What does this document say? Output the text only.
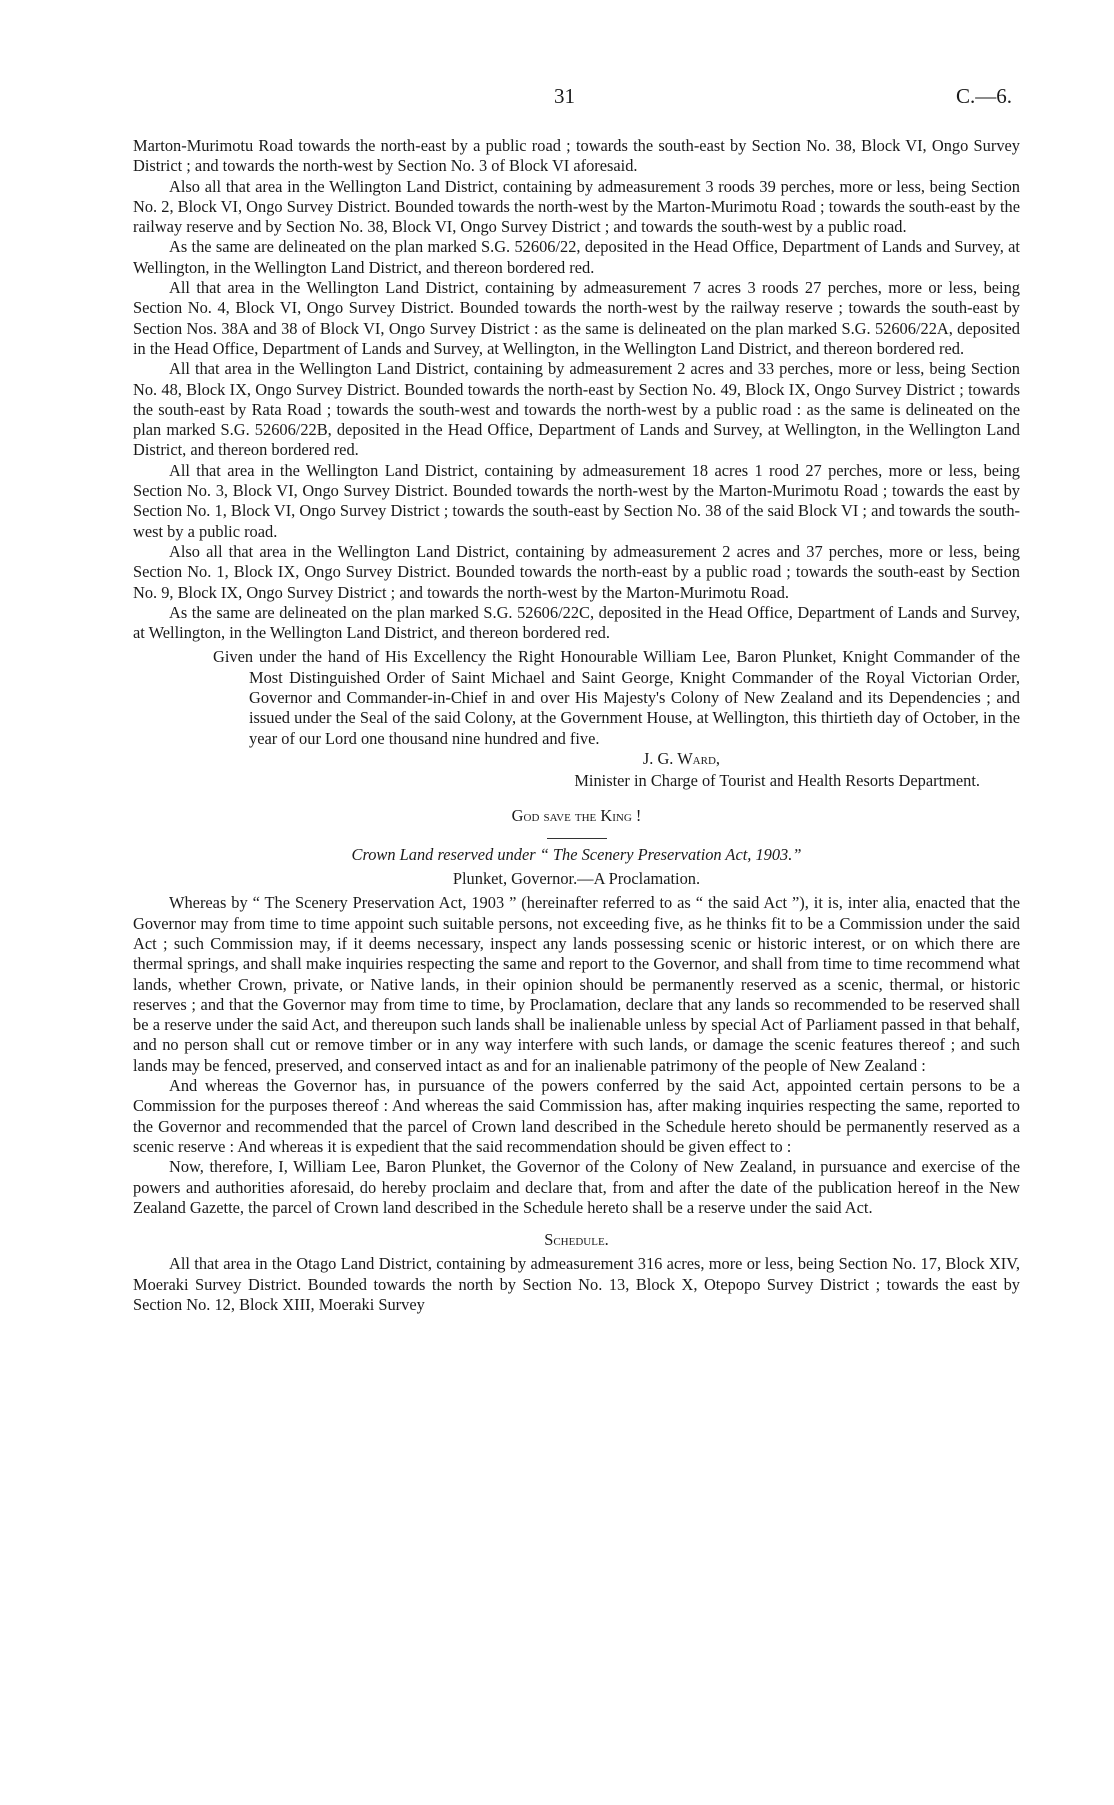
31	C.—6.

Marton-Murimotu Road towards the north-east by a public road ; towards the south-east by Section No. 38, Block VI, Ongo Survey District ; and towards the north-west by Section No. 3 of Block VI aforesaid.

Also all that area in the Wellington Land District, containing by admeasurement 3 roods 39 perches, more or less, being Section No. 2, Block VI, Ongo Survey District. Bounded towards the north-west by the Marton-Murimotu Road ; towards the south-east by the railway reserve and by Section No. 38, Block VI, Ongo Survey District ; and towards the south-west by a public road.

As the same are delineated on the plan marked S.G. 52606/22, deposited in the Head Office, Department of Lands and Survey, at Wellington, in the Wellington Land District, and thereon bordered red.

All that area in the Wellington Land District, containing by admeasurement 7 acres 3 roods 27 perches, more or less, being Section No. 4, Block VI, Ongo Survey District. Bounded towards the north-west by the railway reserve ; towards the south-east by Section Nos. 38A and 38 of Block VI, Ongo Survey District : as the same is delineated on the plan marked S.G. 52606/22A, deposited in the Head Office, Department of Lands and Survey, at Wellington, in the Wellington Land District, and thereon bordered red.

All that area in the Wellington Land District, containing by admeasurement 2 acres and 33 perches, more or less, being Section No. 48, Block IX, Ongo Survey District. Bounded towards the north-east by Section No. 49, Block IX, Ongo Survey District ; towards the south-east by Rata Road ; towards the south-west and towards the north-west by a public road : as the same is delineated on the plan marked S.G. 52606/22B, deposited in the Head Office, Department of Lands and Survey, at Wellington, in the Wellington Land District, and thereon bordered red.

All that area in the Wellington Land District, containing by admeasurement 18 acres 1 rood 27 perches, more or less, being Section No. 3, Block VI, Ongo Survey District. Bounded towards the north-west by the Marton-Murimotu Road ; towards the east by Section No. 1, Block VI, Ongo Survey District ; towards the south-east by Section No. 38 of the said Block VI ; and towards the south-west by a public road.

Also all that area in the Wellington Land District, containing by admeasurement 2 acres and 37 perches, more or less, being Section No. 1, Block IX, Ongo Survey District. Bounded towards the north-east by a public road ; towards the south-east by Section No. 9, Block IX, Ongo Survey District ; and towards the north-west by the Marton-Murimotu Road.

As the same are delineated on the plan marked S.G. 52606/22C, deposited in the Head Office, Department of Lands and Survey, at Wellington, in the Wellington Land District, and thereon bordered red.

Given under the hand of His Excellency the Right Honourable William Lee, Baron Plunket, Knight Commander of the Most Distinguished Order of Saint Michael and Saint George, Knight Commander of the Royal Victorian Order, Governor and Commander-in-Chief in and over His Majesty's Colony of New Zealand and its Dependencies ; and issued under the Seal of the said Colony, at the Government House, at Wellington, this thirtieth day of October, in the year of our Lord one thousand nine hundred and five.

J. G. Ward,

Minister in Charge of Tourist and Health Resorts Department.

God save the King !

Crown Land reserved under “ The Scenery Preservation Act, 1903.”

Plunket, Governor.—A Proclamation.

Whereas by “ The Scenery Preservation Act, 1903 ” (hereinafter referred to as “ the said Act ”), it is, inter alia, enacted that the Governor may from time to time appoint such suitable persons, not exceeding five, as he thinks fit to be a Commission under the said Act ; such Commission may, if it deems necessary, inspect any lands possessing scenic or historic interest, or on which there are thermal springs, and shall make inquiries respecting the same and report to the Governor, and shall from time to time recommend what lands, whether Crown, private, or Native lands, in their opinion should be permanently reserved as a scenic, thermal, or historic reserves ; and that the Governor may from time to time, by Proclamation, declare that any lands so recommended to be reserved shall be a reserve under the said Act, and thereupon such lands shall be inalienable unless by special Act of Parliament passed in that behalf, and no person shall cut or remove timber or in any way interfere with such lands, or damage the scenic features thereof ; and such lands may be fenced, preserved, and conserved intact as and for an inalienable patrimony of the people of New Zealand :

And whereas the Governor has, in pursuance of the powers conferred by the said Act, appointed certain persons to be a Commission for the purposes thereof : And whereas the said Commission has, after making inquiries respecting the same, reported to the Governor and recommended that the parcel of Crown land described in the Schedule hereto should be permanently reserved as a scenic reserve : And whereas it is expedient that the said recommendation should be given effect to :

Now, therefore, I, William Lee, Baron Plunket, the Governor of the Colony of New Zealand, in pursuance and exercise of the powers and authorities aforesaid, do hereby proclaim and declare that, from and after the date of the publication hereof in the New Zealand Gazette, the parcel of Crown land described in the Schedule hereto shall be a reserve under the said Act.

Schedule.

All that area in the Otago Land District, containing by admeasurement 316 acres, more or less, being Section No. 17, Block XIV, Moeraki Survey District. Bounded towards the north by Section No. 13, Block X, Otepopo Survey District ; towards the east by Section No. 12, Block XIII, Moeraki Survey
